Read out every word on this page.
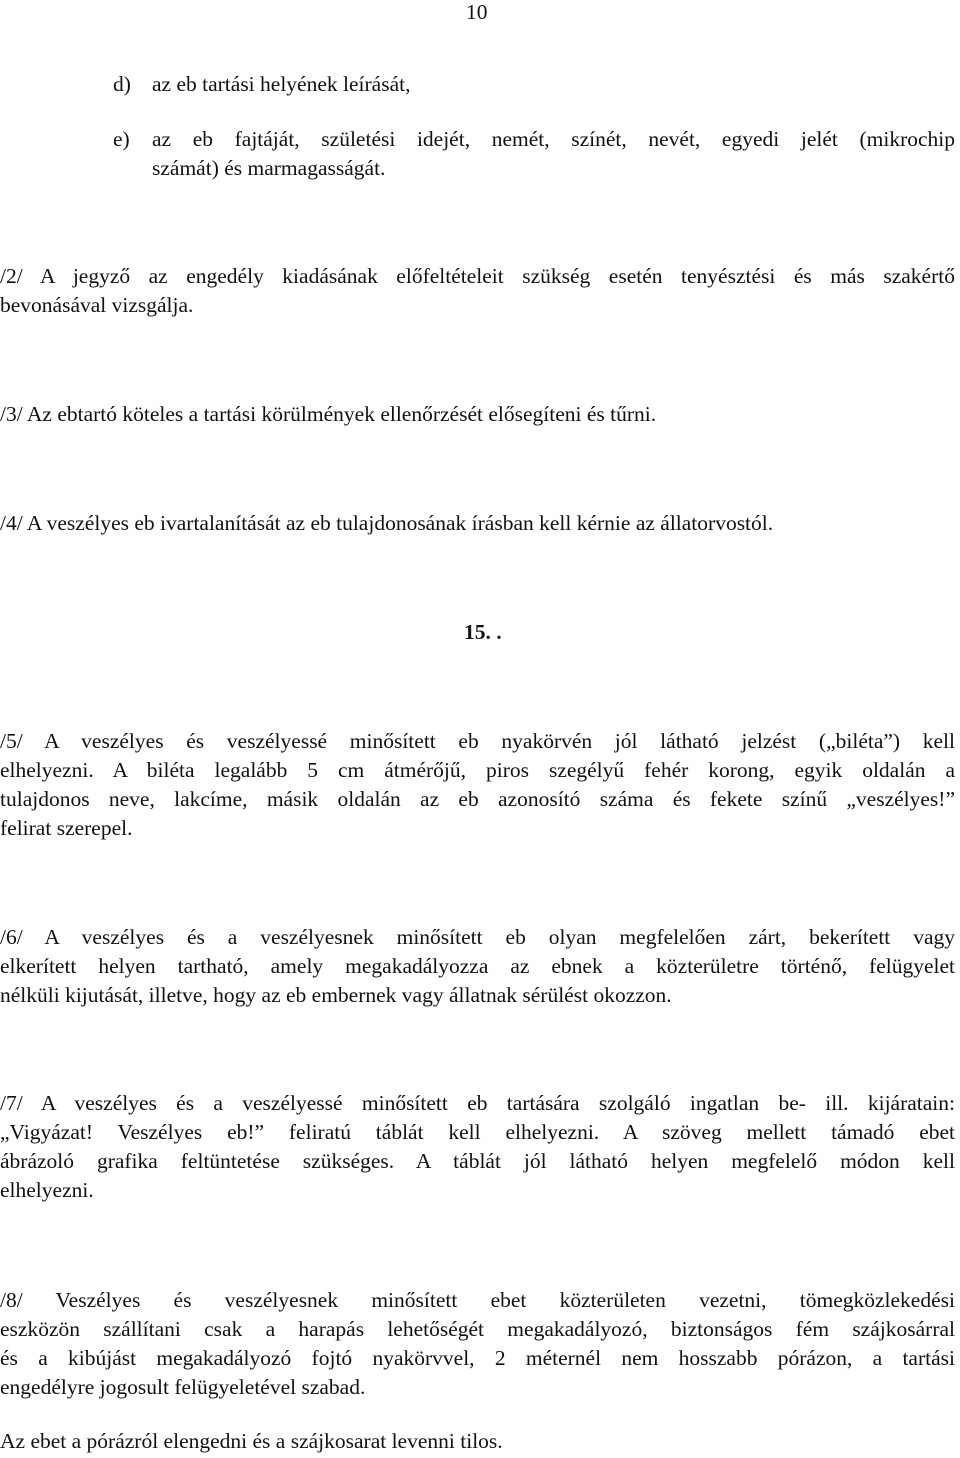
10
d) az eb tartási helyének leírását,
e) az eb fajtáját, születési idejét, nemét, színét, nevét, egyedi jelét (mikrochip
számát) és marmagasságát.
/2/ A jegyző az engedély kiadásának előfeltételeit szükség esetén tenyésztési és más szakértő
bevonásával vizsgálja.
/3/ Az ebtartó köteles a tartási körülmények ellenőrzését elősegíteni és tűrni.
/4/ A veszélyes eb ivartalanítását az eb tulajdonosának írásban kell kérnie az állatorvostól.
15. .
/5/ A veszélyes és veszélyessé minősített eb nyakörvén jól látható jelzést („biléta”) kell
elhelyezni. A biléta legalább 5 cm átmérőjű, piros szegélyű fehér korong, egyik oldalán a
tulajdonos neve, lakcíme, másik oldalán az eb azonosító száma és fekete színű „veszélyes!”
felirat szerepel.
/6/ A veszélyes és a veszélyesnek minősített eb olyan megfelelően zárt, bekerített vagy
elkerített helyen tartható, amely megakadályozza az ebnek a közterületre történő, felügyelet
nélküli kijutását, illetve, hogy az eb embernek vagy állatnak sérülést okozzon.
/7/ A veszélyes és a veszélyessé minősített eb tartására szolgáló ingatlan be- ill. kijáratain:
„Vigyázat! Veszélyes eb!” feliratú táblát kell elhelyezni. A szöveg mellett támadó ebet
ábrázoló grafika feltüntetése szükséges. A táblát jól látható helyen megfelelő módon kell
elhelyezni.
/8/ Veszélyes és veszélyesnek minősített ebet közterületen vezetni, tömegközlekedési
eszközön szállítani csak a harapás lehetőségét megakadályozó, biztonságos fém szájkosárral
és a kibújást megakadályozó fojtó nyakörvvel, 2 méternél nem hosszabb pórázon, a tartási
engedélyre jogosult felügyeletével szabad.
Az ebet a pórázról elengedni és a szájkosarat levenni tilos.
